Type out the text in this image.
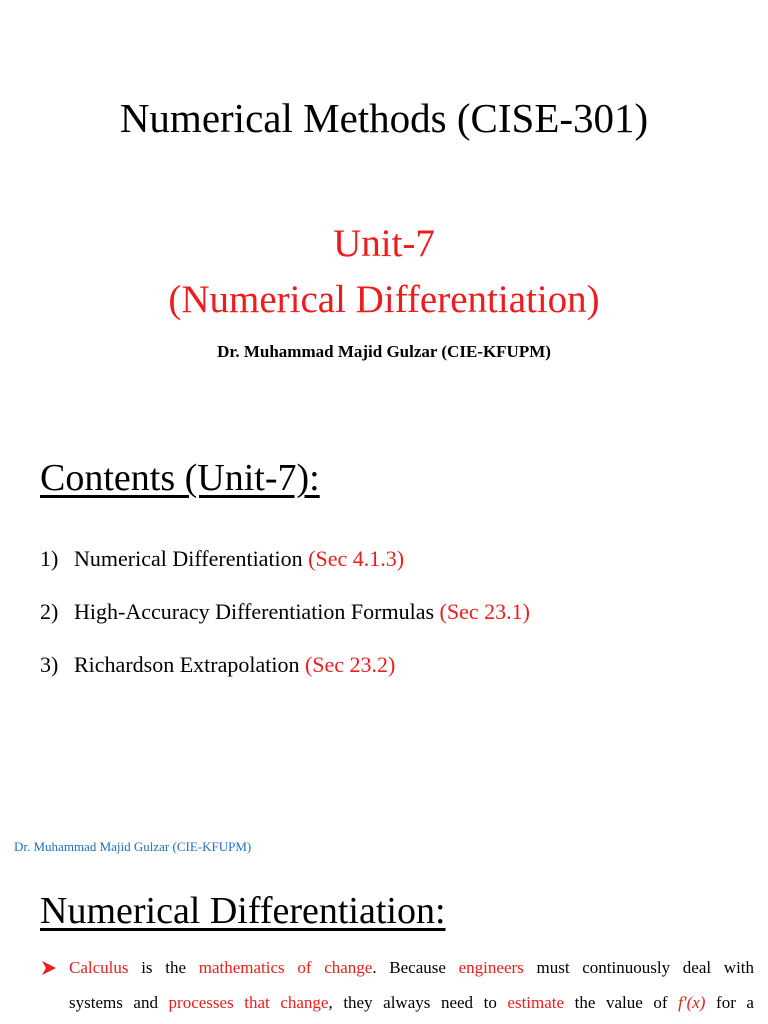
Numerical Methods (CISE-301)
Unit-7
(Numerical Differentiation)
Dr. Muhammad Majid Gulzar (CIE-KFUPM)
Contents (Unit-7):
1) Numerical Differentiation (Sec 4.1.3)
2) High-Accuracy Differentiation Formulas (Sec 23.1)
3) Richardson Extrapolation (Sec 23.2)
Dr. Muhammad Majid Gulzar (CIE-KFUPM)
Numerical Differentiation:
Calculus is the mathematics of change. Because engineers must continuously deal with
systems and processes that change, they always need to estimate the value of f′(x) for a
